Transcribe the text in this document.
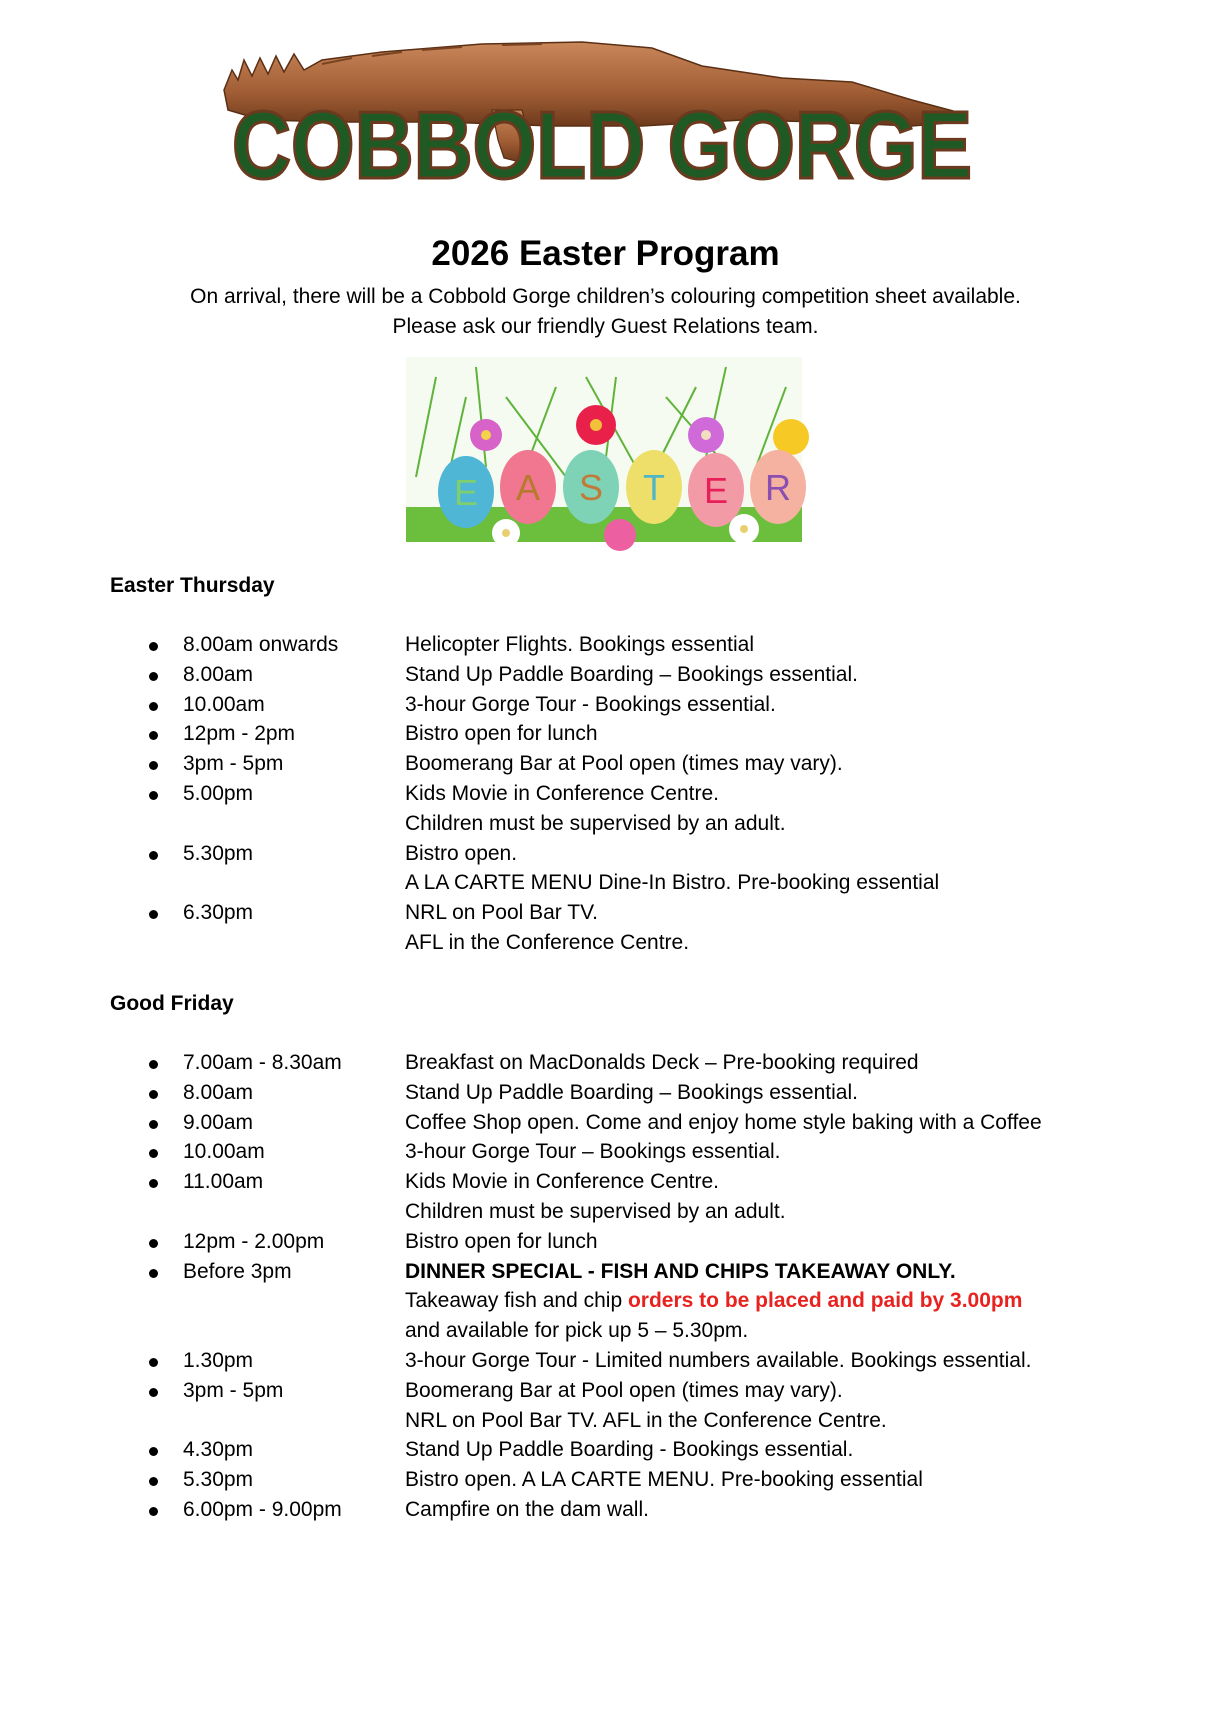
COBBOLD GORGE
2026 Easter Program
On arrival, there will be a Cobbold Gorge children’s colouring competition sheet available.
Please ask our friendly Guest Relations team.
E A S T E R
Easter Thursday
8.00am onwards	Helicopter Flights. Bookings essential
8.00am	Stand Up Paddle Boarding – Bookings essential.
10.00am	3-hour Gorge Tour - Bookings essential.
12pm - 2pm	Bistro open for lunch
3pm - 5pm	Boomerang Bar at Pool open (times may vary).
5.00pm	Kids Movie in Conference Centre.
Children must be supervised by an adult.
5.30pm	Bistro open.
A LA CARTE MENU Dine-In Bistro. Pre-booking essential
6.30pm	NRL on Pool Bar TV.
AFL in the Conference Centre.
Good Friday
7.00am - 8.30am	Breakfast on MacDonalds Deck – Pre-booking required
8.00am	Stand Up Paddle Boarding – Bookings essential.
9.00am	Coffee Shop open. Come and enjoy home style baking with a Coffee
10.00am	3-hour Gorge Tour – Bookings essential.
11.00am	Kids Movie in Conference Centre.
Children must be supervised by an adult.
12pm - 2.00pm	Bistro open for lunch
Before 3pm	DINNER SPECIAL - FISH AND CHIPS TAKEAWAY ONLY.
Takeaway fish and chip orders to be placed and paid by 3.00pm
and available for pick up 5 – 5.30pm.
1.30pm	3-hour Gorge Tour - Limited numbers available. Bookings essential.
3pm - 5pm	Boomerang Bar at Pool open (times may vary).
NRL on Pool Bar TV. AFL in the Conference Centre.
4.30pm	Stand Up Paddle Boarding - Bookings essential.
5.30pm	Bistro open. A LA CARTE MENU. Pre-booking essential
6.00pm - 9.00pm	Campfire on the dam wall.
